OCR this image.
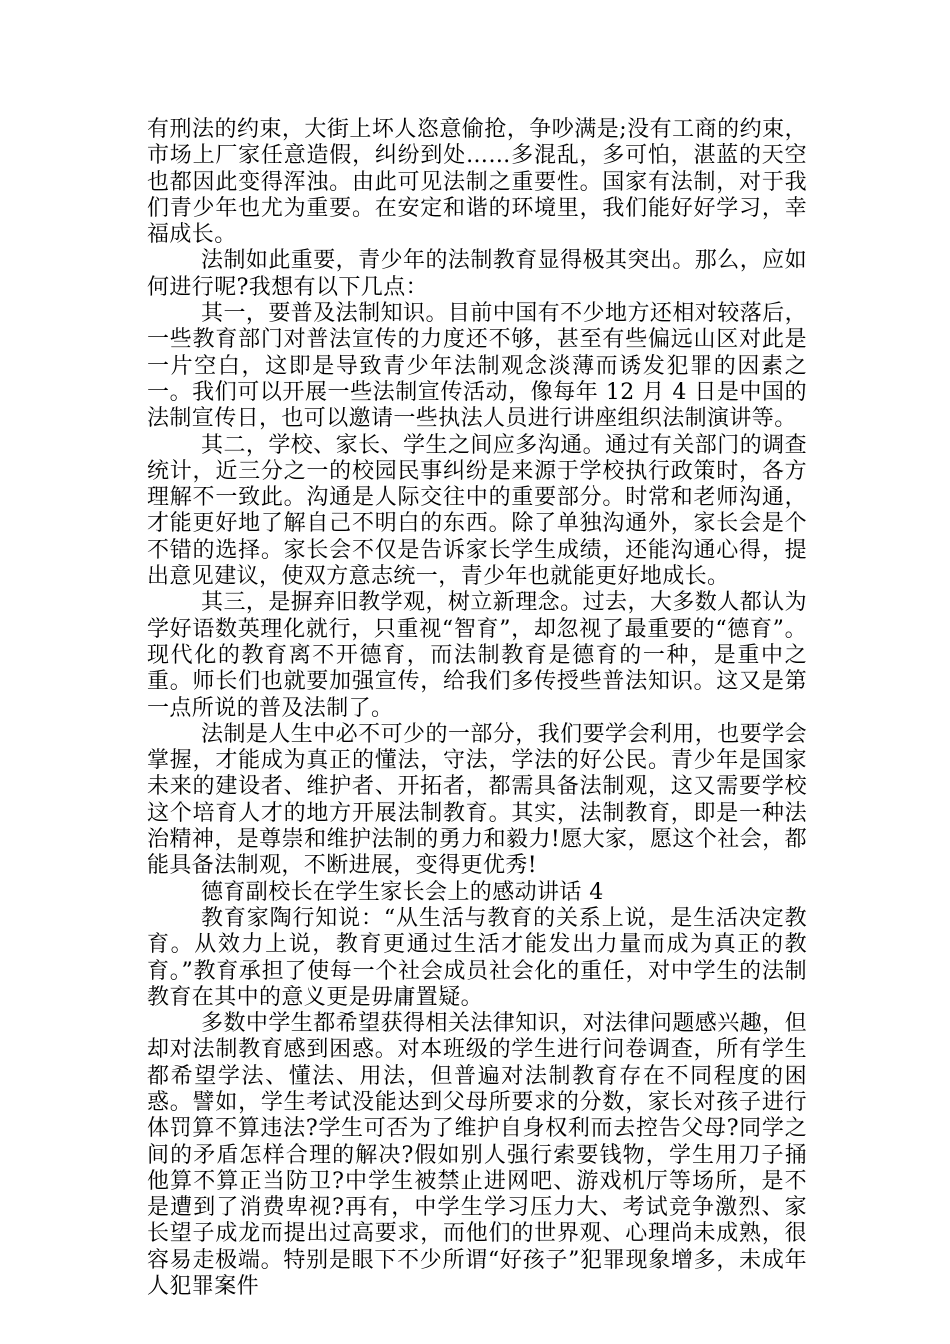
有刑法的约束，大街上坏人恣意偷抢，争吵满是;没有工商的约束，市场上厂家任意造假，纠纷到处……多混乱，多可怕，湛蓝的天空也都因此变得浑浊。由此可见法制之重要性。国家有法制，对于我们青少年也尤为重要。在安定和谐的环境里，我们能好好学习，幸福成长。

法制如此重要，青少年的法制教育显得极其突出。那么，应如何进行呢?我想有以下几点：

其一，要普及法制知识。目前中国有不少地方还相对较落后，一些教育部门对普法宣传的力度还不够，甚至有些偏远山区对此是一片空白，这即是导致青少年法制观念淡薄而诱发犯罪的因素之一。我们可以开展一些法制宣传活动，像每年 12 月 4 日是中国的法制宣传日，也可以邀请一些执法人员进行讲座组织法制演讲等。

其二，学校、家长、学生之间应多沟通。通过有关部门的调查统计，近三分之一的校园民事纠纷是来源于学校执行政策时，各方理解不一致此。沟通是人际交往中的重要部分。时常和老师沟通，才能更好地了解自己不明白的东西。除了单独沟通外，家长会是个不错的选择。家长会不仅是告诉家长学生成绩，还能沟通心得，提出意见建议，使双方意志统一，青少年也就能更好地成长。

其三，是摒弃旧教学观，树立新理念。过去，大多数人都认为学好语数英理化就行，只重视“智育”，却忽视了最重要的“德育”。现代化的教育离不开德育，而法制教育是德育的一种，是重中之重。师长们也就要加强宣传，给我们多传授些普法知识。这又是第一点所说的普及法制了。

法制是人生中必不可少的一部分，我们要学会利用，也要学会掌握，才能成为真正的懂法，守法，学法的好公民。青少年是国家未来的建设者、维护者、开拓者，都需具备法制观，这又需要学校这个培育人才的地方开展法制教育。其实，法制教育，即是一种法治精神，是尊崇和维护法制的勇力和毅力!愿大家，愿这个社会，都能具备法制观，不断进展，变得更优秀!

德育副校长在学生家长会上的感动讲话 4

教育家陶行知说：“从生活与教育的关系上说，是生活决定教育。从效力上说，教育更通过生活才能发出力量而成为真正的教育。”教育承担了使每一个社会成员社会化的重任，对中学生的法制教育在其中的意义更是毋庸置疑。

多数中学生都希望获得相关法律知识，对法律问题感兴趣，但却对法制教育感到困惑。对本班级的学生进行问卷调查，所有学生都希望学法、懂法、用法，但普遍对法制教育存在不同程度的困惑。譬如，学生考试没能达到父母所要求的分数，家长对孩子进行体罚算不算违法?学生可否为了维护自身权利而去控告父母?同学之间的矛盾怎样合理的解决?假如别人强行索要钱物，学生用刀子捅他算不算正当防卫?中学生被禁止进网吧、游戏机厅等场所，是不是遭到了消费卑视?再有，中学生学习压力大、考试竞争激烈、家长望子成龙而提出过高要求，而他们的世界观、心理尚未成熟，很容易走极端。特别是眼下不少所谓“好孩子”犯罪现象增多，未成年人犯罪案件
